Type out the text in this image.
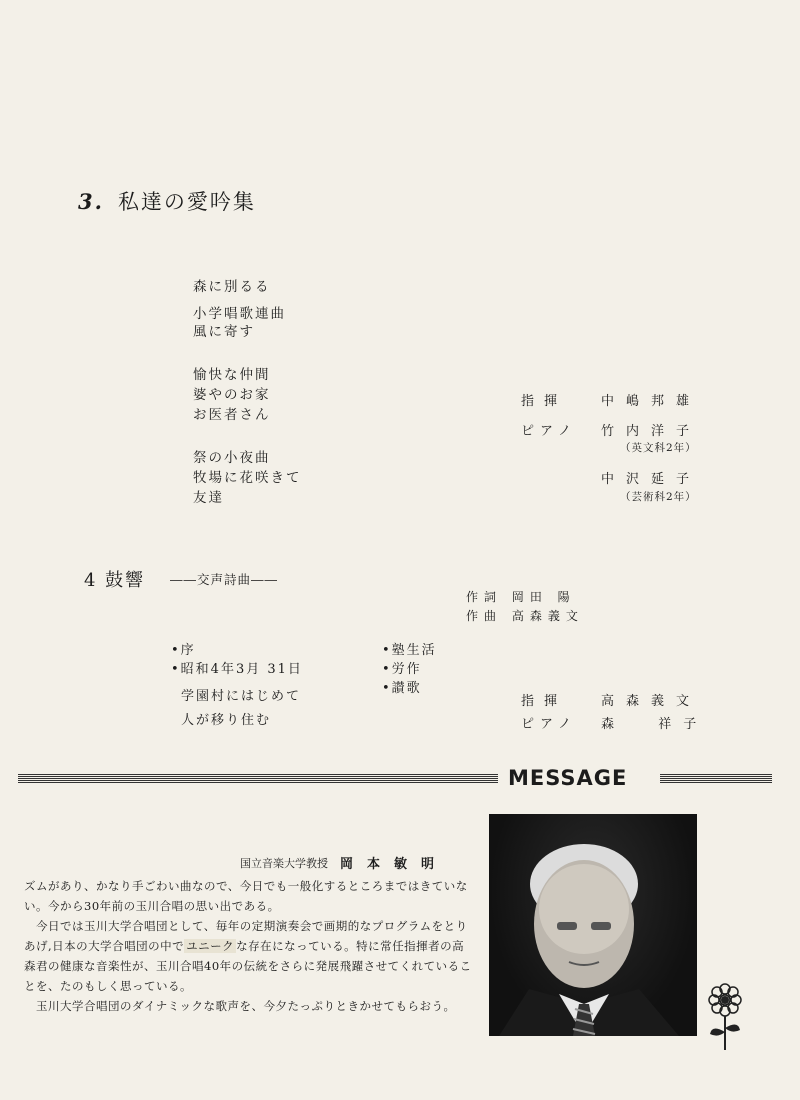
3. 私達の愛吟集
森に別るる
小学唱歌連曲
風に寄す
愉快な仲間
婆やのお家
お医者さん
祭の小夜曲
牧場に花咲きて
友達
指揮	中嶋邦雄
ピアノ 竹内洋子
（英文科2年）
中沢延子
（芸術科2年）
4 鼓響 ――交声詩曲――
作詞 岡田 陽
作曲 高森義文
•序
•昭和4年3月 31日
学園村にはじめて
人が移り住む
•塾生活
•労作
•讃歌
指揮	高森義文
ピアノ 森  祥子
MESSAGE
国立音楽大学教授 岡本敏明

ズムがあり、かなり手ごわい曲なので、今日でも一般化するところまではきていない。今から30年前の玉川合唱の思い出である。

今日では玉川大学合唱団として、毎年の定期演奏会で画期的なプログラムをとりあげ,日本の大学合唱団の中で ユニーク な存在になっている。特に常任指揮者の高森君の健康な音楽性が、玉川合唱40年の伝統をさらに発展飛躍させてくれていることを、たのもしく思っている。

玉川大学合唱団のダイナミックな歌声を、今夕たっぷりときかせてもらおう。
